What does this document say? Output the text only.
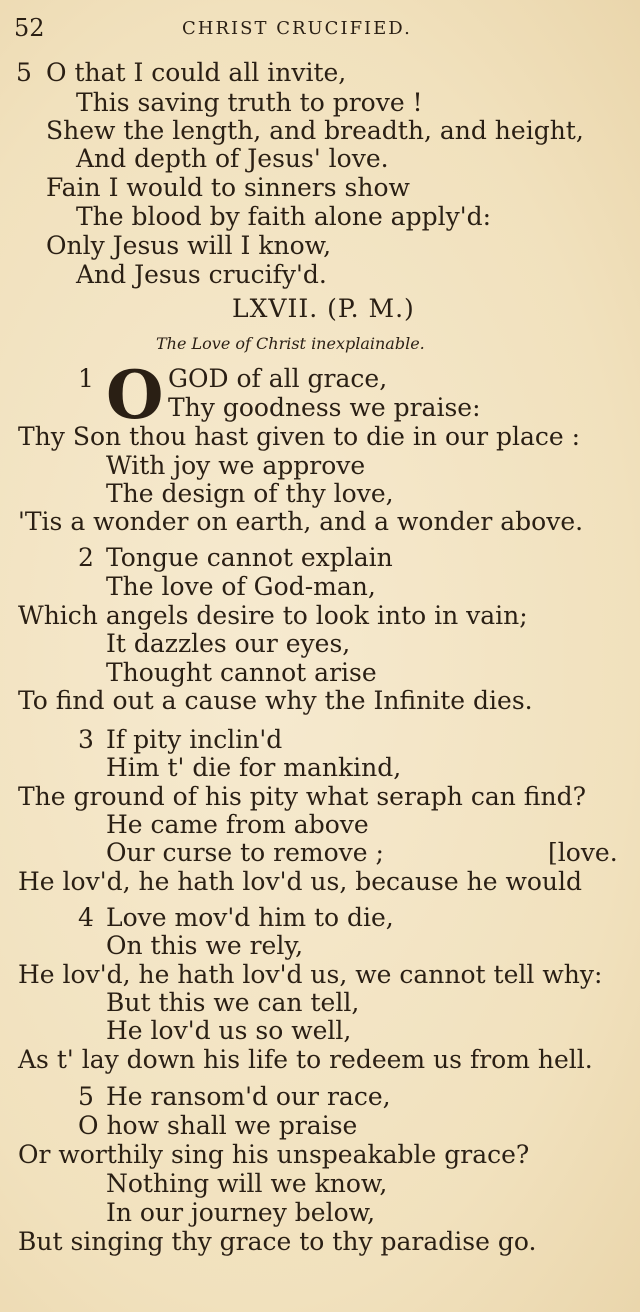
52	CHRIST CRUCIFIED.
5 O that I could all invite,
This saving truth to prove !
Shew the length, and breadth, and height,
And depth of Jesus' love.
Fain I would to sinners show
The blood by faith alone apply'd:
Only Jesus will I know,
And Jesus crucify'd.
LXVII. (P. M.)
The Love of Christ inexplainable.
1 O GOD of all grace,
Thy goodness we praise:
Thy Son thou hast given to die in our place :
With joy we approve
The design of thy love,
'Tis a wonder on earth, and a wonder above.
2 Tongue cannot explain
The love of God-man,
Which angels desire to look into in vain;
It dazzles our eyes,
Thought cannot arise
To find out a cause why the Infinite dies.
3 If pity inclin'd
Him t' die for mankind,
The ground of his pity what seraph can find?
He came from above
Our curse to remove ;	[love.
He lov'd, he hath lov'd us, because he would
4 Love mov'd him to die,
On this we rely,
He lov'd, he hath lov'd us, we cannot tell why:
But this we can tell,
He lov'd us so well,
As t' lay down his life to redeem us from hell.
5 He ransom'd our race,
O how shall we praise
Or worthily sing his unspeakable grace?
Nothing will we know,
In our journey below,
But singing thy grace to thy paradise go.
